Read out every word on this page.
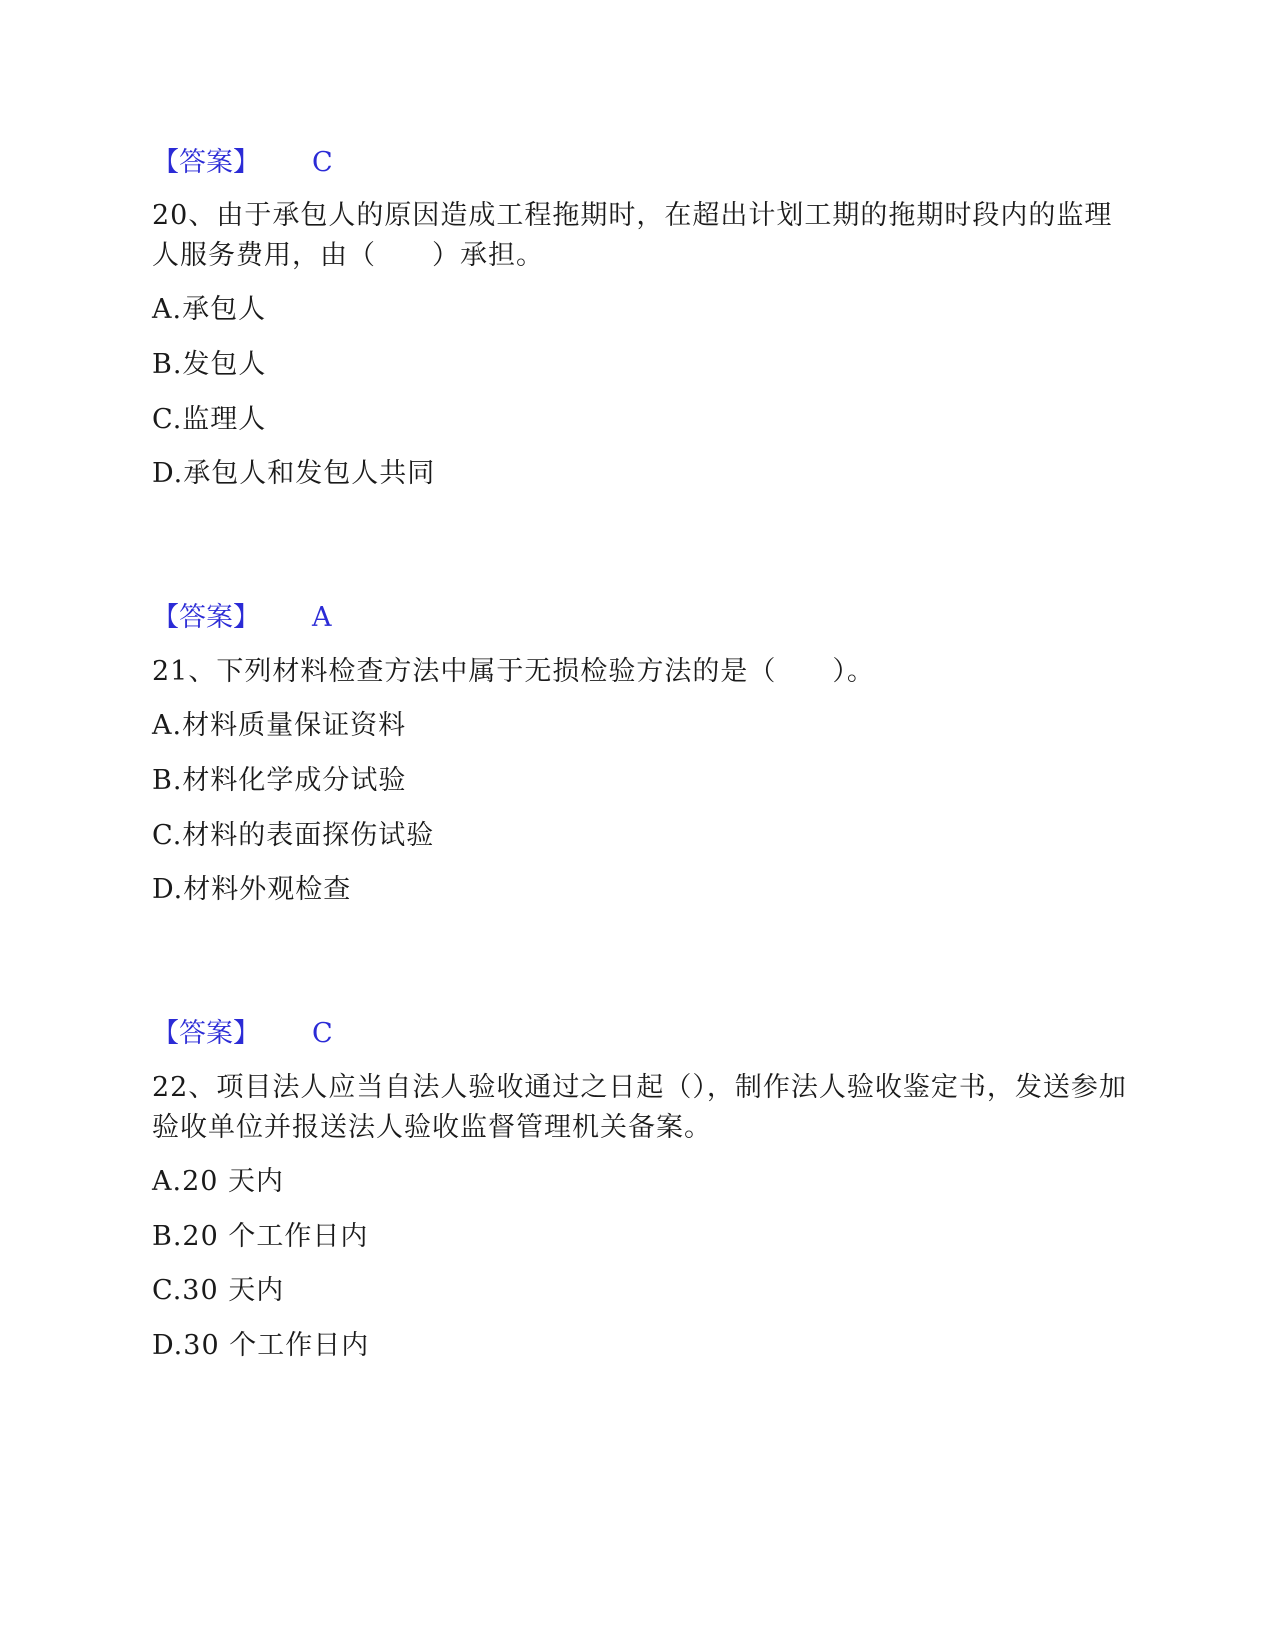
【答案】 C
20、由于承包人的原因造成工程拖期时，在超出计划工期的拖期时段内的监理人服务费用，由（　　）承担。
A.承包人
B.发包人
C.监理人
D.承包人和发包人共同
【答案】 A
21、下列材料检查方法中属于无损检验方法的是（　　）。
A.材料质量保证资料
B.材料化学成分试验
C.材料的表面探伤试验
D.材料外观检查
【答案】 C
22、项目法人应当自法人验收通过之日起（），制作法人验收鉴定书，发送参加验收单位并报送法人验收监督管理机关备案。
A.20 天内
B.20 个工作日内
C.30 天内
D.30 个工作日内
